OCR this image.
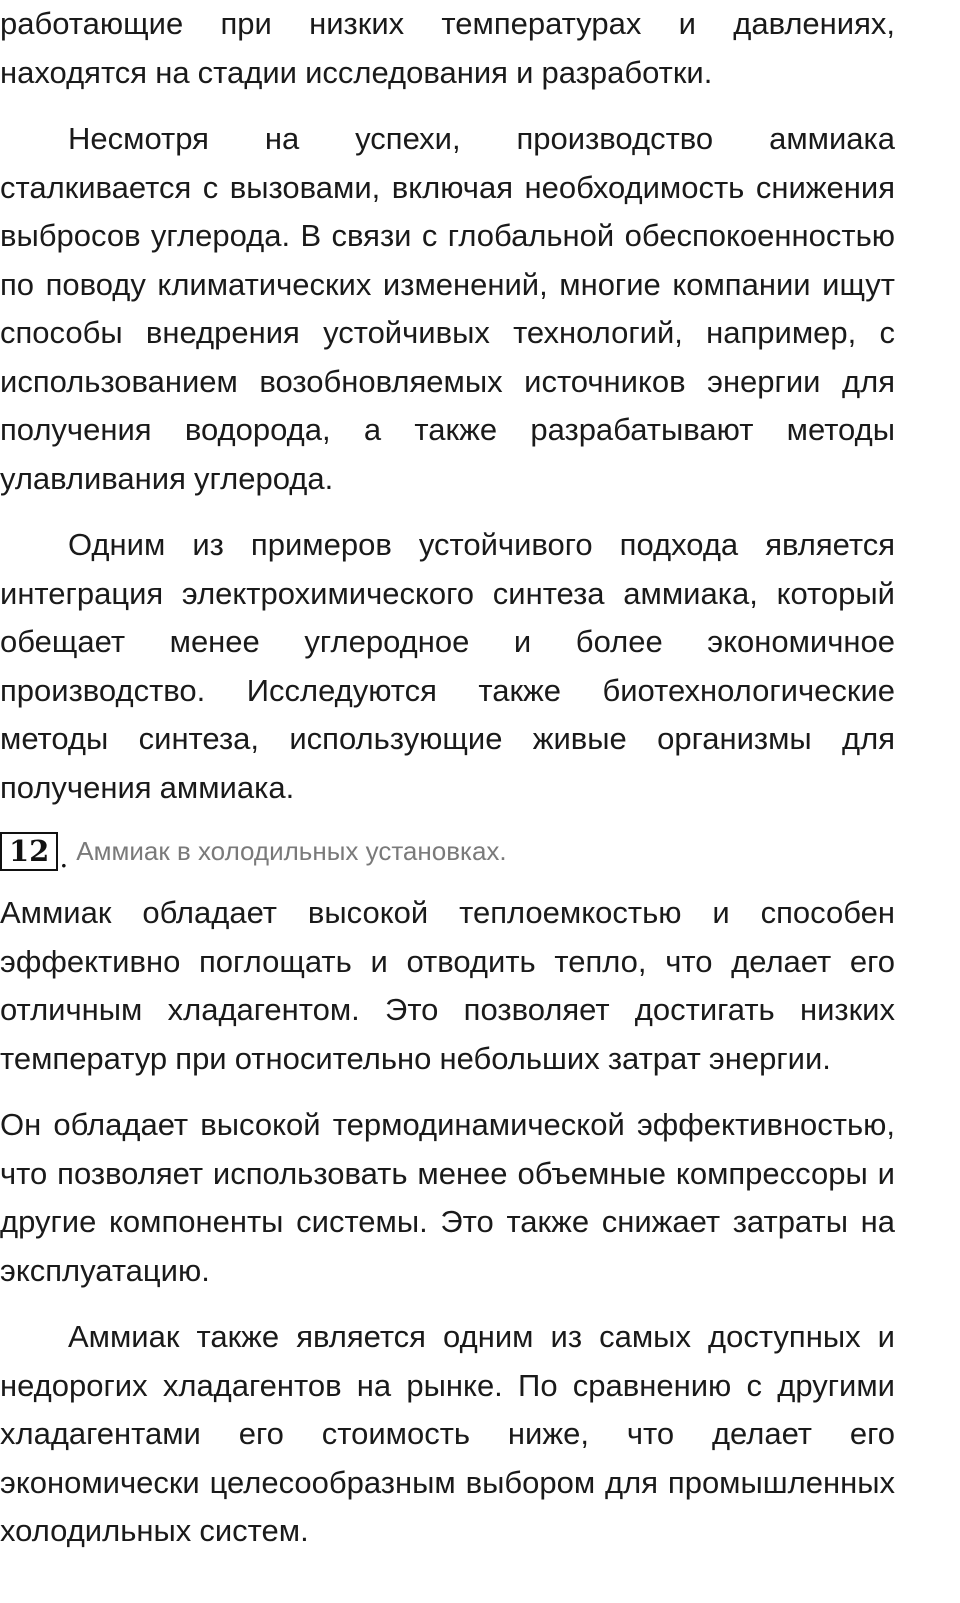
работающие при низких температурах и давлениях, находятся на стадии исследования и разработки.

Несмотря на успехи, производство аммиака сталкивается с вызовами, включая необходимость снижения выбросов углерода. В связи с глобальной обеспокоенностью по поводу климатических изменений, многие компании ищут способы внедрения устойчивых технологий, например, с использованием возобновляемых источников энергии для получения водорода, а также разрабатывают методы улавливания углерода.

Одним из примеров устойчивого подхода является интеграция электрохимического синтеза аммиака, который обещает менее углеродное и более экономичное производство. Исследуются также биотехнологические методы синтеза, использующие живые организмы для получения аммиака.

12 . Аммиак в холодильных установках.

Аммиак обладает высокой теплоемкостью и способен эффективно поглощать и отводить тепло, что делает его отличным хладагентом. Это позволяет достигать низких температур при относительно небольших затрат энергии.

Он обладает высокой термодинамической эффективностью, что позволяет использовать менее объемные компрессоры и другие компоненты системы. Это также снижает затраты на эксплуатацию.

Аммиак также является одним из самых доступных и недорогих хладагентов на рынке. По сравнению с другими хладагентами его стоимость ниже, что делает его экономически целесообразным выбором для промышленных холодильных систем.
